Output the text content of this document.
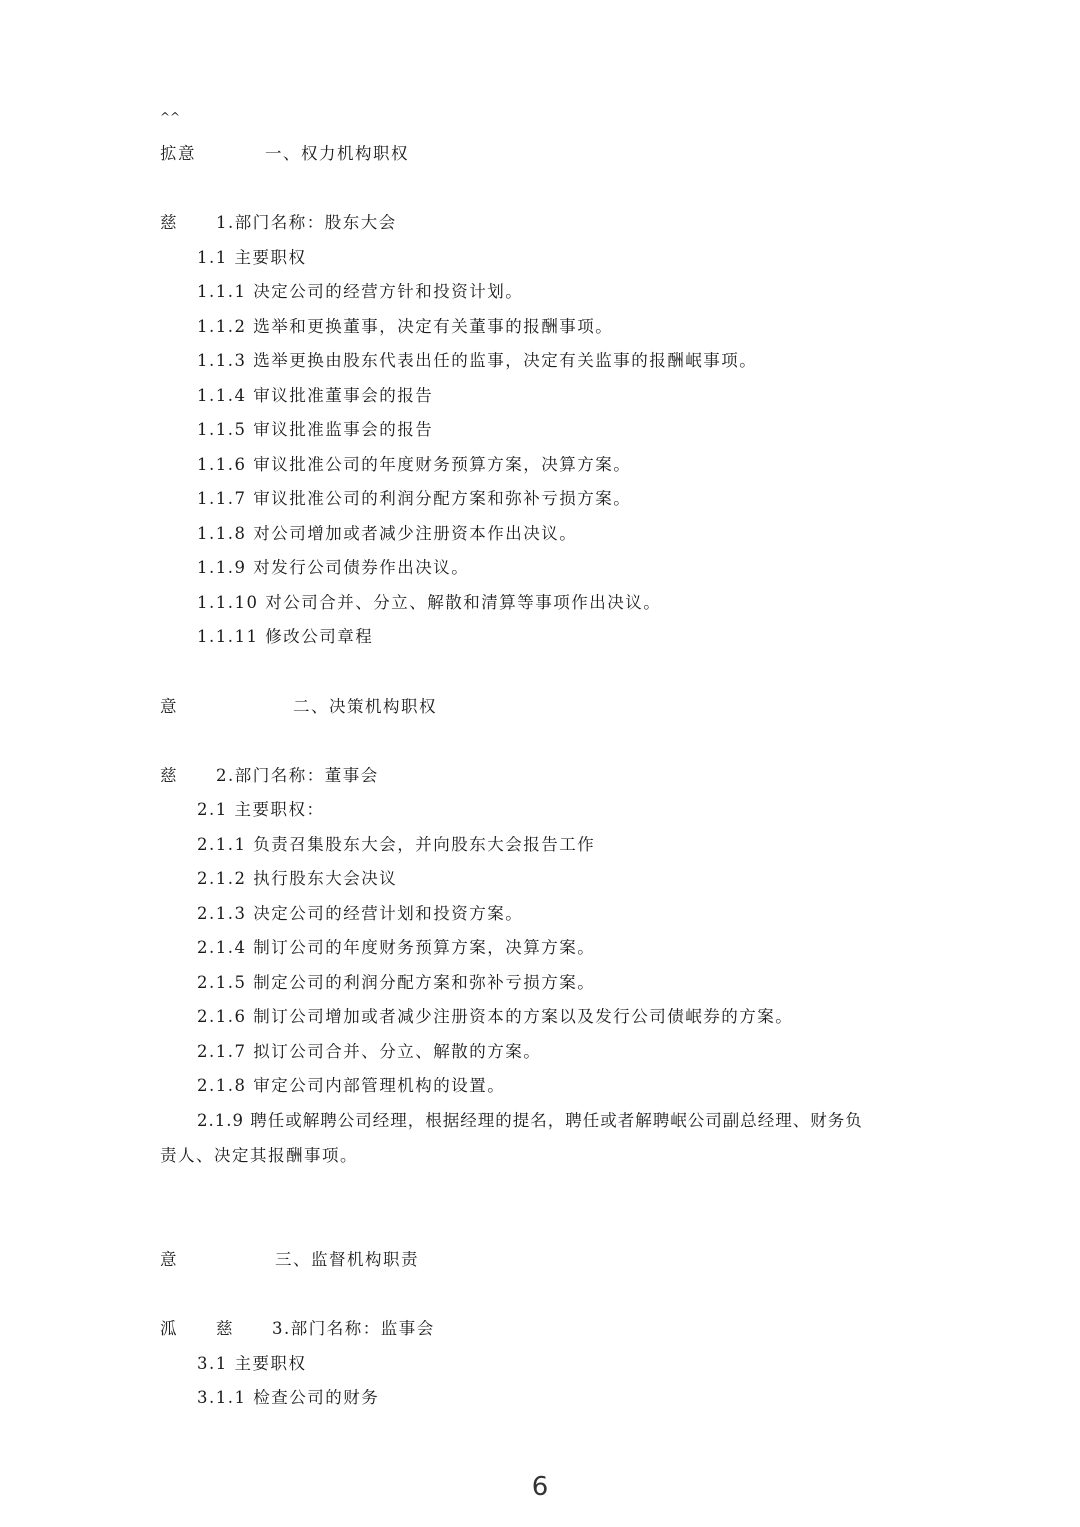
^^
拡意	一、权力机构职权
慈 1.部门名称：股东大会
1.1 主要职权
1.1.1 决定公司的经营方针和投资计划。
1.1.2 选举和更换董事，决定有关董事的报酬事项。
1.1.3 选举更换由股东代表出任的监事，决定有关监事的报酬岷事项。
1.1.4 审议批准董事会的报告
1.1.5 审议批准监事会的报告
1.1.6 审议批准公司的年度财务预算方案，决算方案。
1.1.7 审议批准公司的利润分配方案和弥补亏损方案。
1.1.8 对公司增加或者减少注册资本作出决议。
1.1.9 对发行公司债券作出决议。
1.1.10 对公司合并、分立、解散和清算等事项作出决议。
1.1.11 修改公司章程
意	二、决策机构职权
慈 2.部门名称：董事会
2.1 主要职权：
2.1.1 负责召集股东大会，并向股东大会报告工作
2.1.2 执行股东大会决议
2.1.3 决定公司的经营计划和投资方案。
2.1.4 制订公司的年度财务预算方案，决算方案。
2.1.5 制定公司的利润分配方案和弥补亏损方案。
2.1.6 制订公司增加或者减少注册资本的方案以及发行公司债岷券的方案。
2.1.7 拟订公司合并、分立、解散的方案。
2.1.8 审定公司内部管理机构的设置。
2.1.9 聘任或解聘公司经理，根据经理的提名，聘任或者解聘岷公司副总经理、财务负
责人、决定其报酬事项。
意	三、监督机构职责
泒 慈 3.部门名称：监事会
3.1 主要职权
3.1.1 检查公司的财务
6
